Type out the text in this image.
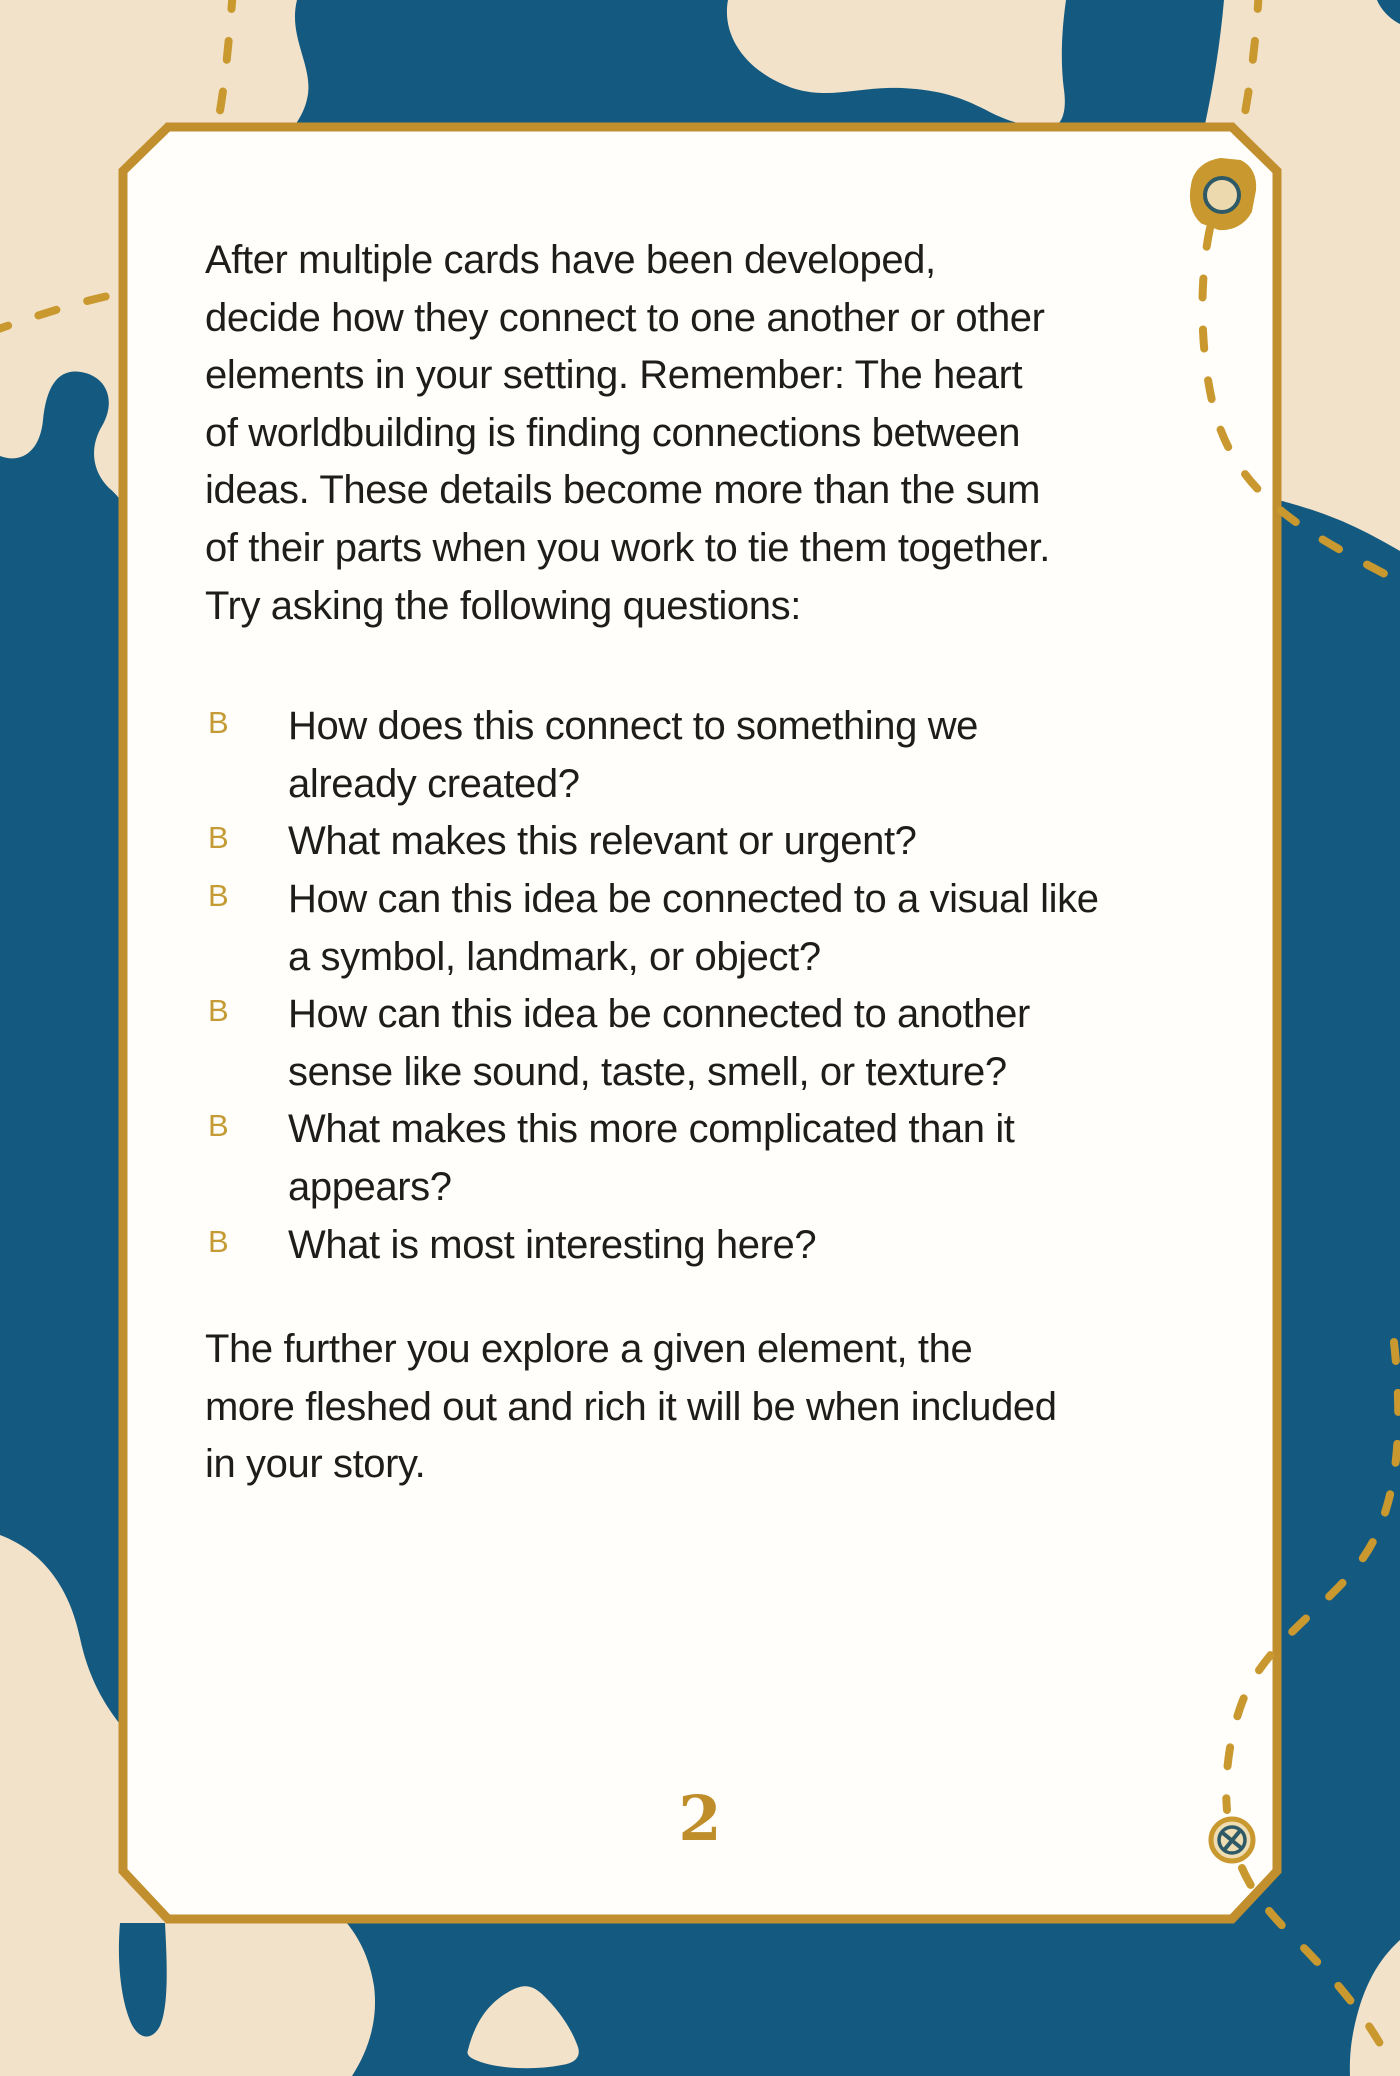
After multiple cards have been developed,
decide how they connect to one another or other
elements in your setting. Remember: The heart
of worldbuilding is finding connections between
ideas. These details become more than the sum
of their parts when you work to tie them together.
Try asking the following questions:
B How does this connect to something we
already created?
B What makes this relevant or urgent?
B How can this idea be connected to a visual like
a symbol, landmark, or object?
B How can this idea be connected to another
sense like sound, taste, smell, or texture?
B What makes this more complicated than it
appears?
B What is most interesting here?
The further you explore a given element, the
more fleshed out and rich it will be when included
in your story.
2
